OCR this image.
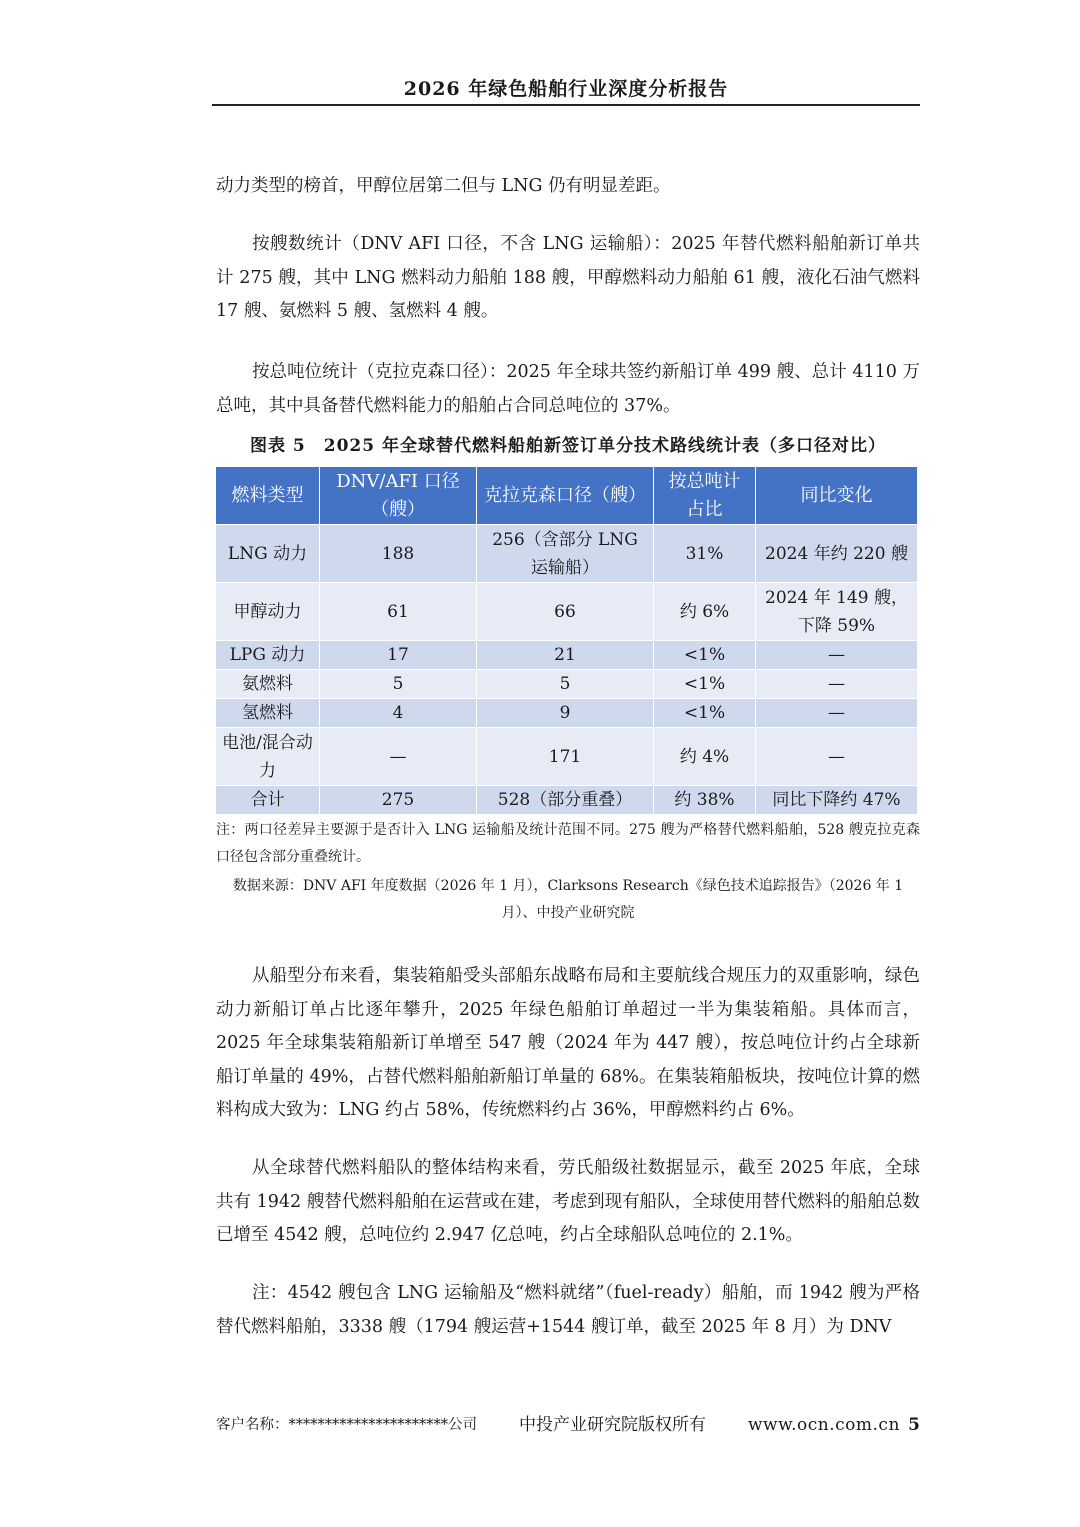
2026 年绿色船舶行业深度分析报告

动力类型的榜首，甲醇位居第二但与 LNG 仍有明显差距。

按艘数统计（DNV AFI 口径，不含 LNG 运输船）：2025 年替代燃料船舶新订单共计 275 艘，其中 LNG 燃料动力船舶 188 艘，甲醇燃料动力船舶 61 艘，液化石油气燃料 17 艘、氨燃料 5 艘、氢燃料 4 艘。

按总吨位统计（克拉克森口径）：2025 年全球共签约新船订单 499 艘、总计 4110 万总吨，其中具备替代燃料能力的船舶占合同总吨位的 37%。

图表 5　2025 年全球替代燃料船舶新签订单分技术路线统计表（多口径对比）
燃料类型	DNV/AFI 口径（艘）	克拉克森口径（艘）	按总吨计占比	同比变化
LNG 动力	188	256（含部分 LNG 运输船）	31%	2024 年约 220 艘
甲醇动力	61	66	约 6%	2024 年 149 艘，下降 59%
LPG 动力	17	21	<1%	—
氨燃料	5	5	<1%	—
氢燃料	4	9	<1%	—
电池/混合动力	—	171	约 4%	—
合计	275	528（部分重叠）	约 38%	同比下降约 47%

注：两口径差异主要源于是否计入 LNG 运输船及统计范围不同。275 艘为严格替代燃料船舶，528 艘克拉克森口径包含部分重叠统计。

数据来源：DNV AFI 年度数据（2026 年 1 月），Clarksons Research《绿色技术追踪报告》（2026 年 1 月）、中投产业研究院

从船型分布来看，集装箱船受头部船东战略布局和主要航线合规压力的双重影响，绿色动力新船订单占比逐年攀升，2025 年绿色船舶订单超过一半为集装箱船。具体而言，2025 年全球集装箱船新订单增至 547 艘（2024 年为 447 艘），按总吨位计约占全球新船订单量的 49%，占替代燃料船舶新船订单量的 68%。在集装箱船板块，按吨位计算的燃料构成大致为：LNG 约占 58%，传统燃料约占 36%，甲醇燃料约占 6%。

从全球替代燃料船队的整体结构来看，劳氏船级社数据显示，截至 2025 年底，全球共有 1942 艘替代燃料船舶在运营或在建，考虑到现有船队，全球使用替代燃料的船舶总数已增至 4542 艘，总吨位约 2.947 亿总吨，约占全球船队总吨位的 2.1%。

注：4542 艘包含 LNG 运输船及“燃料就绪”（fuel-ready）船舶，而 1942 艘为严格替代燃料船舶，3338 艘（1794 艘运营+1544 艘订单，截至 2025 年 8 月）为 DNV

客户名称：**********************公司 中投产业研究院版权所有 www.ocn.com.cn 5
